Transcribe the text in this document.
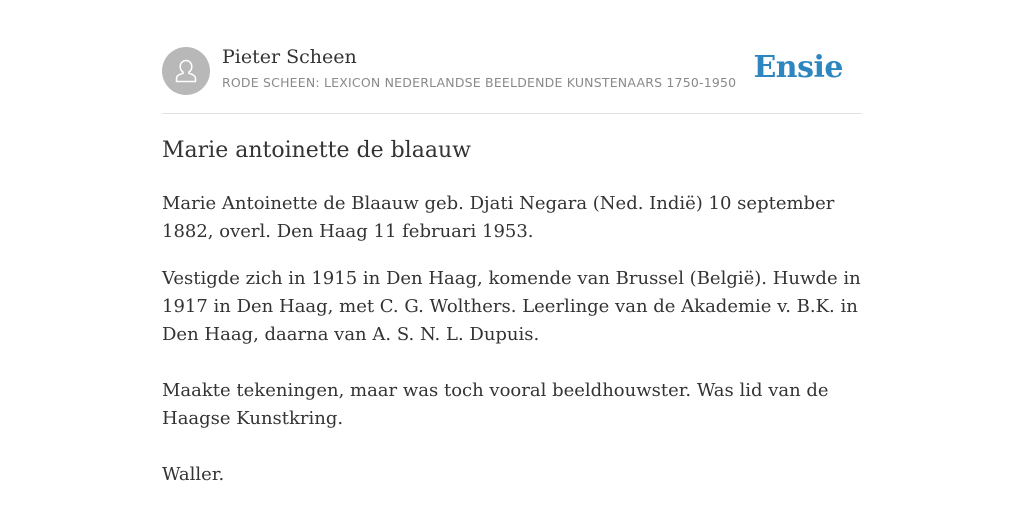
Pieter Scheen
RODE SCHEEN: LEXICON NEDERLANDSE BEELDENDE KUNSTENAARS 1750-1950 Ensie
Marie antoinette de blaauw

Marie Antoinette de Blaauw geb. Djati Negara (Ned. Indië) 10 september 1882, overl. Den Haag 11 februari 1953.

Vestigde zich in 1915 in Den Haag, komende van Brussel (België). Huwde in 1917 in Den Haag, met C. G. Wolthers. Leerlinge van de Akademie v. B.K. in Den Haag, daarna van A. S. N. L. Dupuis.

Maakte tekeningen, maar was toch vooral beeldhouwster. Was lid van de Haagse Kunstkring.

Waller.
